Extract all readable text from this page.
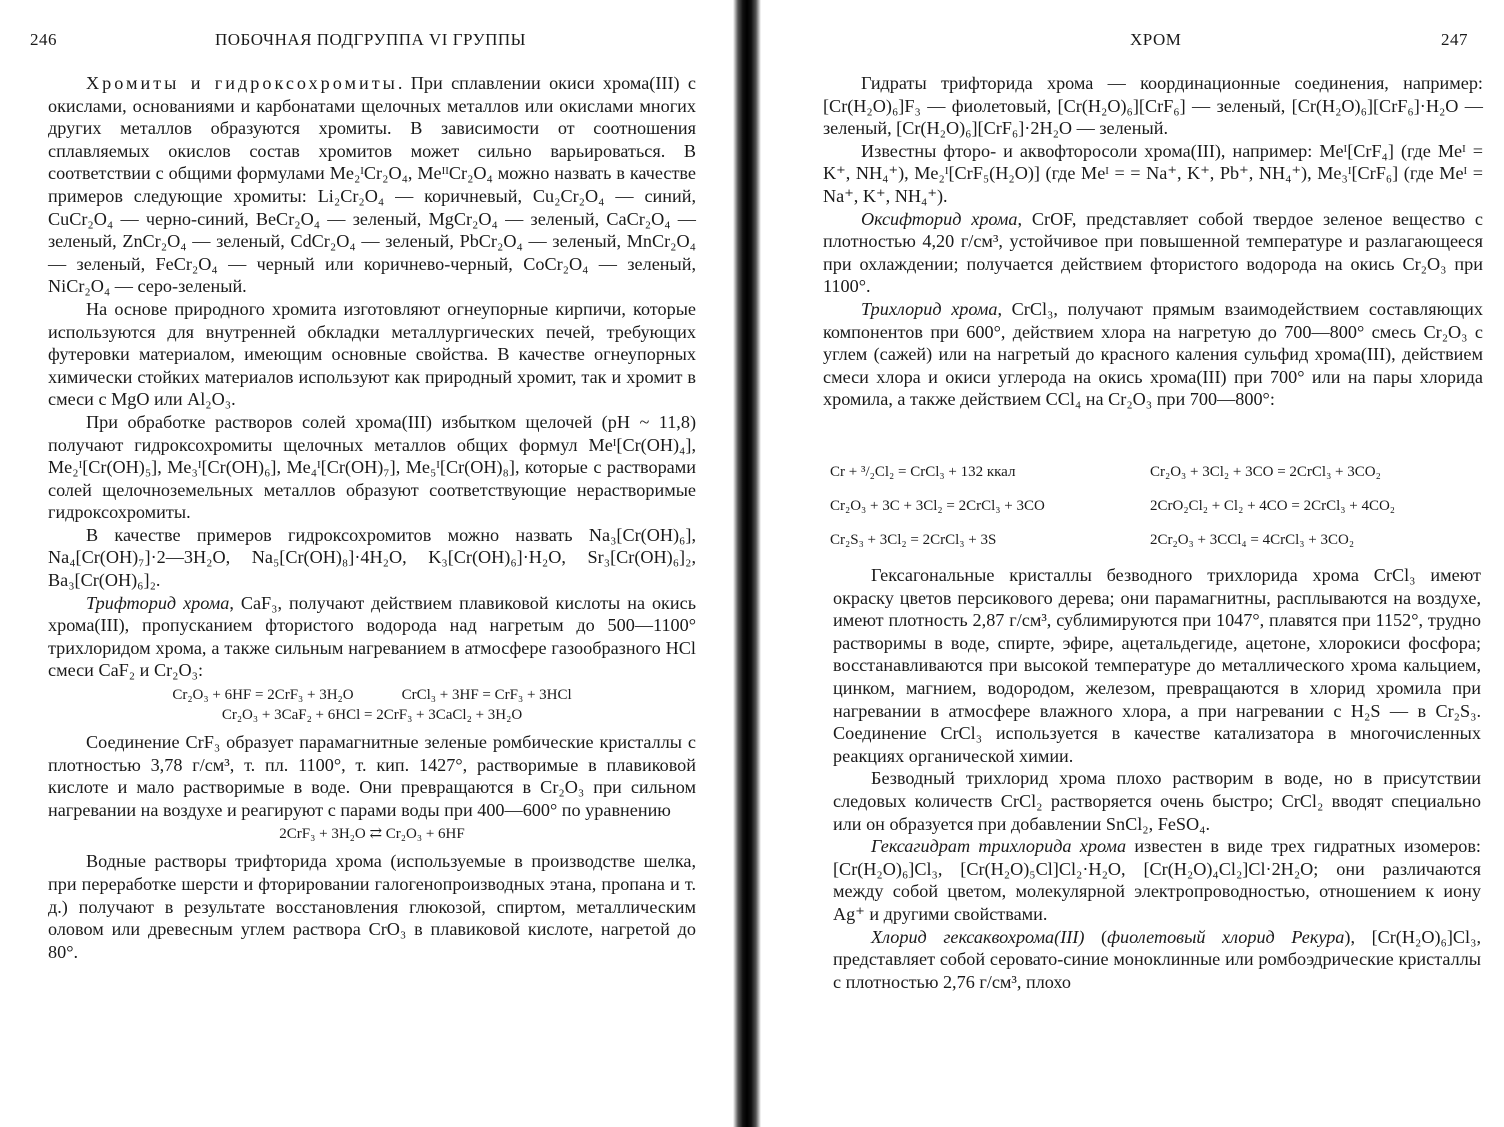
246	ПОБОЧНАЯ ПОДГРУППА VI ГРУППЫ

Хромиты и гидроксохромиты. При сплавлении окиси хрома(III) с окислами, основаниями и карбонатами щелочных металлов или окислами многих других металлов образуются хромиты. В зависимости от соотношения сплавляемых окислов состав хромитов может сильно варьироваться. В соответствии с общими формулами Me₂ᴵCr₂O₄, MeᴵᴵCr₂O₄ можно назвать в качестве примеров следующие хромиты: Li₂Cr₂O₄ — коричневый, Cu₂Cr₂O₄ — синий, CuCr₂O₄ — черно-синий, BeCr₂O₄ — зеленый, MgCr₂O₄ — зеленый, CaCr₂O₄ — зеленый, ZnCr₂O₄ — зеленый, CdCr₂O₄ — зеленый, PbCr₂O₄ — зеленый, MnCr₂O₄ — зеленый, FeCr₂O₄ — черный или коричнево-черный, CoCr₂O₄ — зеленый, NiCr₂O₄ — серо-зеленый.

На основе природного хромита изготовляют огнеупорные кирпичи, которые используются для внутренней обкладки металлургических печей, требующих футеровки материалом, имеющим основные свойства. В качестве огнеупорных химически стойких материалов используют как природный хромит, так и хромит в смеси с MgO или Al₂O₃.

При обработке растворов солей хрома(III) избытком щелочей (pH ~ 11,8) получают гидроксохромиты щелочных металлов общих формул Meᴵ[Cr(OH)₄], Me₂ᴵ[Cr(OH)₅], Me₃ᴵ[Cr(OH)₆], Me₄ᴵ[Cr(OH)₇], Me₅ᴵ[Cr(OH)₈], которые с растворами солей щелочноземельных металлов образуют соответствующие нерастворимые гидроксохромиты.

В качестве примеров гидроксохромитов можно назвать Na₃[Cr(OH)₆], Na₄[Cr(OH)₇]·2—3H₂O, Na₅[Cr(OH)₈]·4H₂O, K₃[Cr(OH)₆]·H₂O, Sr₃[Cr(OH)₆]₂, Ba₃[Cr(OH)₆]₂.

Трифторид хрома, CaF₃, получают действием плавиковой кислоты на окись хрома(III), пропусканием фтористого водорода над нагретым до 500—1100° трихлоридом хрома, а также сильным нагреванием в атмосфере газообразного HCl смеси CaF₂ и Cr₂O₃:

Cr₂O₃ + 6HF = 2CrF₃ + 3H₂O	CrCl₃ + 3HF = CrF₃ + 3HCl
Cr₂O₃ + 3CaF₂ + 6HCl = 2CrF₃ + 3CaCl₂ + 3H₂O

Соединение CrF₃ образует парамагнитные зеленые ромбические кристаллы с плотностью 3,78 г/см³, т. пл. 1100°, т. кип. 1427°, растворимые в плавиковой кислоте и мало растворимые в воде. Они превращаются в Cr₂O₃ при сильном нагревании на воздухе и реагируют с парами воды при 400—600° по уравнению

2CrF₃ + 3H₂O ⇄ Cr₂O₃ + 6HF

Водные растворы трифторида хрома (используемые в производстве шелка, при переработке шерсти и фторировании галогенопроизводных этана, пропана и т. д.) получают в результате восстановления глюкозой, спиртом, металлическим оловом или древесным углем раствора CrO₃ в плавиковой кислоте, нагретой до 80°.

ХРОМ	247

Гидраты трифторида хрома — координационные соединения, например: [Cr(H₂O)₆]F₃ — фиолетовый, [Cr(H₂O)₆][CrF₆] — зеленый, [Cr(H₂O)₆][CrF₆]·H₂O — зеленый, [Cr(H₂O)₆][CrF₆]·2H₂O — зеленый.

Известны фторо- и аквофторосоли хрома(III), например: Meᴵ[CrF₄] (где Meᴵ = K⁺, NH₄⁺), Me₂ᴵ[CrF₅(H₂O)] (где Meᴵ = = Na⁺, K⁺, Pb⁺, NH₄⁺), Me₃ᴵ[CrF₆] (где Meᴵ = Na⁺, K⁺, NH₄⁺).

Оксифторид хрома, CrOF, представляет собой твердое зеленое вещество с плотностью 4,20 г/см³, устойчивое при повышенной температуре и разлагающееся при охлаждении; получается действием фтористого водорода на окись Cr₂O₃ при 1100°.

Трихлорид хрома, CrCl₃, получают прямым взаимодействием составляющих компонентов при 600°, действием хлора на нагретую до 700—800° смесь Cr₂O₃ с углем (сажей) или на нагретый до красного каления сульфид хрома(III), действием смеси хлора и окиси углерода на окись хрома(III) при 700° или на пары хлорида хромила, а также действием CCl₄ на Cr₂O₃ при 700—800°:

Cr + ³/₂Cl₂ = CrCl₃ + 132 ккал	Cr₂O₃ + 3Cl₂ + 3CO = 2CrCl₃ + 3CO₂
Cr₂O₃ + 3C + 3Cl₂ = 2CrCl₃ + 3CO	2CrO₂Cl₂ + Cl₂ + 4CO = 2CrCl₃ + 4CO₂
Cr₂S₃ + 3Cl₂ = 2CrCl₃ + 3S	2Cr₂O₃ + 3CCl₄ = 4CrCl₃ + 3CO₂

Гексагональные кристаллы безводного трихлорида хрома CrCl₃ имеют окраску цветов персикового дерева; они парамагнитны, расплываются на воздухе, имеют плотность 2,87 г/см³, сублимируются при 1047°, плавятся при 1152°, трудно растворимы в воде, спирте, эфире, ацетальдегиде, ацетоне, хлорокиси фосфора; восстанавливаются при высокой температуре до металлического хрома кальцием, цинком, магнием, водородом, железом, превращаются в хлорид хромила при нагревании в атмосфере влажного хлора, а при нагревании с H₂S — в Cr₂S₃. Соединение CrCl₃ используется в качестве катализатора в многочисленных реакциях органической химии.

Безводный трихлорид хрома плохо растворим в воде, но в присутствии следовых количеств CrCl₂ растворяется очень быстро; CrCl₂ вводят специально или он образуется при добавлении SnCl₂, FeSO₄.

Гексагидрат трихлорида хрома известен в виде трех гидратных изомеров: [Cr(H₂O)₆]Cl₃, [Cr(H₂O)₅Cl]Cl₂·H₂O, [Cr(H₂O)₄Cl₂]Cl·2H₂O; они различаются между собой цветом, молекулярной электропроводностью, отношением к иону Ag⁺ и другими свойствами.

Хлорид гексаквохрома(III) (фиолетовый хлорид Рекура), [Cr(H₂O)₆]Cl₃, представляет собой серовато-синие моноклинные или ромбоэдрические кристаллы с плотностью 2,76 г/см³, плохо
